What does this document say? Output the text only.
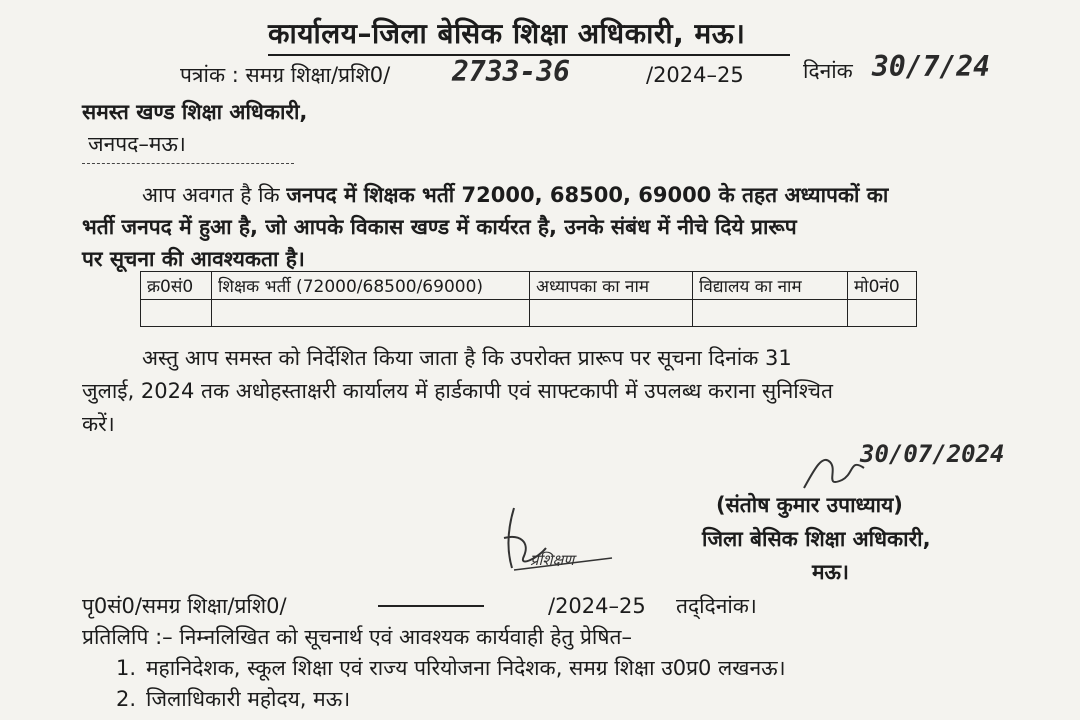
कार्यालय–जिला बेसिक शिक्षा अधिकारी, मऊ।
पत्रांक : समग्र शिक्षा/प्रशि0/ 2733-36	/2024–25	दिनांक 30/7/24
समस्त खण्ड शिक्षा अधिकारी,
जनपद–मऊ।
आप अवगत है कि जनपद में शिक्षक भर्ती 72000, 68500, 69000 के तहत अध्यापकों का
भर्ती जनपद में हुआ है, जो आपके विकास खण्ड में कार्यरत है, उनके संबंध में नीचे दिये प्रारूप
पर सूचना की आवश्यकता है।
क्र0सं0	शिक्षक भर्ती (72000/68500/69000)	अध्यापका का नाम	विद्यालय का नाम	मो0नं0

अस्तु आप समस्त को निर्देशित किया जाता है कि उपरोक्त प्रारूप पर सूचना दिनांक 31
जुलाई, 2024 तक अधोहस्ताक्षरी कार्यालय में हार्डकापी एवं साफ्टकापी में उपलब्ध कराना सुनिश्चित
करें।
30/07/2024
(संतोष कुमार उपाध्याय)
जिला बेसिक शिक्षा अधिकारी,
मऊ।
प्रशिक्षण
पृ0सं0/समग्र शिक्षा/प्रशि0/	/2024–25 तद्‌दिनांक।
प्रतिलिपि :– निम्नलिखित को सूचनार्थ एवं आवश्यक कार्यवाही हेतु प्रेषित–
1. महानिदेशक, स्कूल शिक्षा एवं राज्य परियोजना निदेशक, समग्र शिक्षा उ0प्र0 लखनऊ।
2. जिलाधिकारी महोदय, मऊ।
